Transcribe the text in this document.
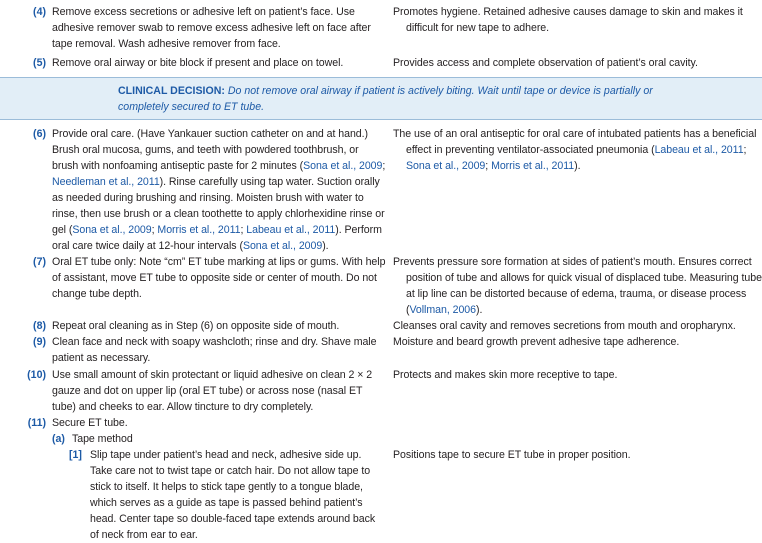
(4) Remove excess secretions or adhesive left on patient’s face. Use adhesive remover swab to remove excess adhesive left on face after tape removal. Wash adhesive remover from face.
Promotes hygiene. Retained adhesive causes damage to skin and makes it difficult for new tape to adhere.
(5) Remove oral airway or bite block if present and place on towel.	Provides access and complete observation of patient’s oral cavity.
CLINICAL DECISION: Do not remove oral airway if patient is actively biting. Wait until tape or device is partially or completely secured to ET tube.
(6) Provide oral care. (Have Yankauer suction catheter on and at hand.) Brush oral mucosa, gums, and teeth with powdered toothbrush, or brush with nonfoaming antiseptic paste for 2 minutes (Sona et al., 2009; Needleman et al., 2011). Rinse carefully using tap water. Suction orally as needed during brushing and rinsing. Moisten brush with water to rinse, then use brush or a clean toothette to apply chlorhexidine rinse or gel (Sona et al., 2009; Morris et al., 2011; Labeau et al., 2011). Perform oral care twice daily at 12-hour intervals (Sona et al., 2009).
The use of an oral antiseptic for oral care of intubated patients has a beneficial effect in preventing ventilator-associated pneumonia (Labeau et al., 2011; Sona et al., 2009; Morris et al., 2011).
(7) Oral ET tube only: Note “cm” ET tube marking at lips or gums. With help of assistant, move ET tube to opposite side or center of mouth. Do not change tube depth.
Prevents pressure sore formation at sides of patient’s mouth. Ensures correct position of tube and allows for quick visual of displaced tube. Measuring tube at lip line can be distorted because of edema, trauma, or disease process (Vollman, 2006).
(8) Repeat oral cleaning as in Step (6) on opposite side of mouth.	Cleanses oral cavity and removes secretions from mouth and oropharynx.
(9) Clean face and neck with soapy washcloth; rinse and dry. Shave male patient as necessary.
Moisture and beard growth prevent adhesive tape adherence.
(10) Use small amount of skin protectant or liquid adhesive on clean 2 × 2 gauze and dot on upper lip (oral ET tube) or across nose (nasal ET tube) and cheeks to ear. Allow tincture to dry completely.
Protects and makes skin more receptive to tape.
(11) Secure ET tube.
(a) Tape method
[1] Slip tape under patient’s head and neck, adhesive side up. Take care not to twist tape or catch hair. Do not allow tape to stick to itself. It helps to stick tape gently to a tongue blade, which serves as a guide as tape is passed behind patient’s head. Center tape so double-faced tape extends around back of neck from ear to ear.
Positions tape to secure ET tube in proper position.
